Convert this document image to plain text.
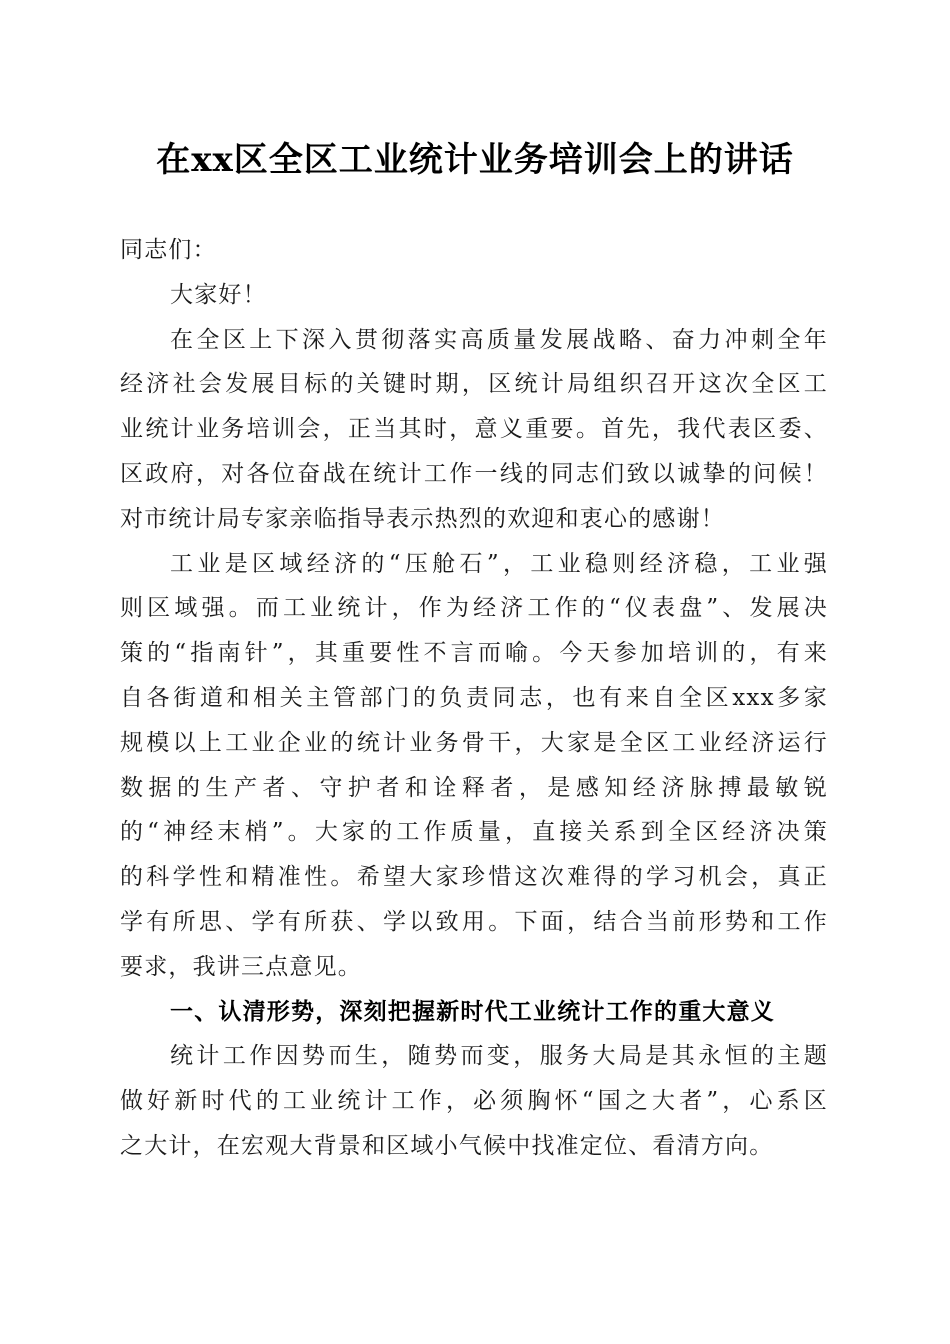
在xx区全区工业统计业务培训会上的讲话
同志们：
大家好！
在全区上下深入贯彻落实高质量发展战略、奋力冲刺全年
经济社会发展目标的关键时期，区统计局组织召开这次全区工
业统计业务培训会，正当其时，意义重要。首先，我代表区委、
区政府，对各位奋战在统计工作一线的同志们致以诚挚的问候！
对市统计局专家亲临指导表示热烈的欢迎和衷心的感谢！
工业是区域经济的“压舱石”，工业稳则经济稳，工业强
则区域强。而工业统计，作为经济工作的“仪表盘”、发展决
策的“指南针”，其重要性不言而喻。今天参加培训的，有来
自各街道和相关主管部门的负责同志，也有来自全区xxx多家
规模以上工业企业的统计业务骨干，大家是全区工业经济运行
数据的生产者、守护者和诠释者，是感知经济脉搏最敏锐
的“神经末梢”。大家的工作质量，直接关系到全区经济决策
的科学性和精准性。希望大家珍惜这次难得的学习机会，真正
学有所思、学有所获、学以致用。下面，结合当前形势和工作
要求，我讲三点意见。
一、认清形势，深刻把握新时代工业统计工作的重大意义
统计工作因势而生，随势而变，服务大局是其永恒的主题
做好新时代的工业统计工作，必须胸怀“国之大者”，心系区
之大计，在宏观大背景和区域小气候中找准定位、看清方向。
